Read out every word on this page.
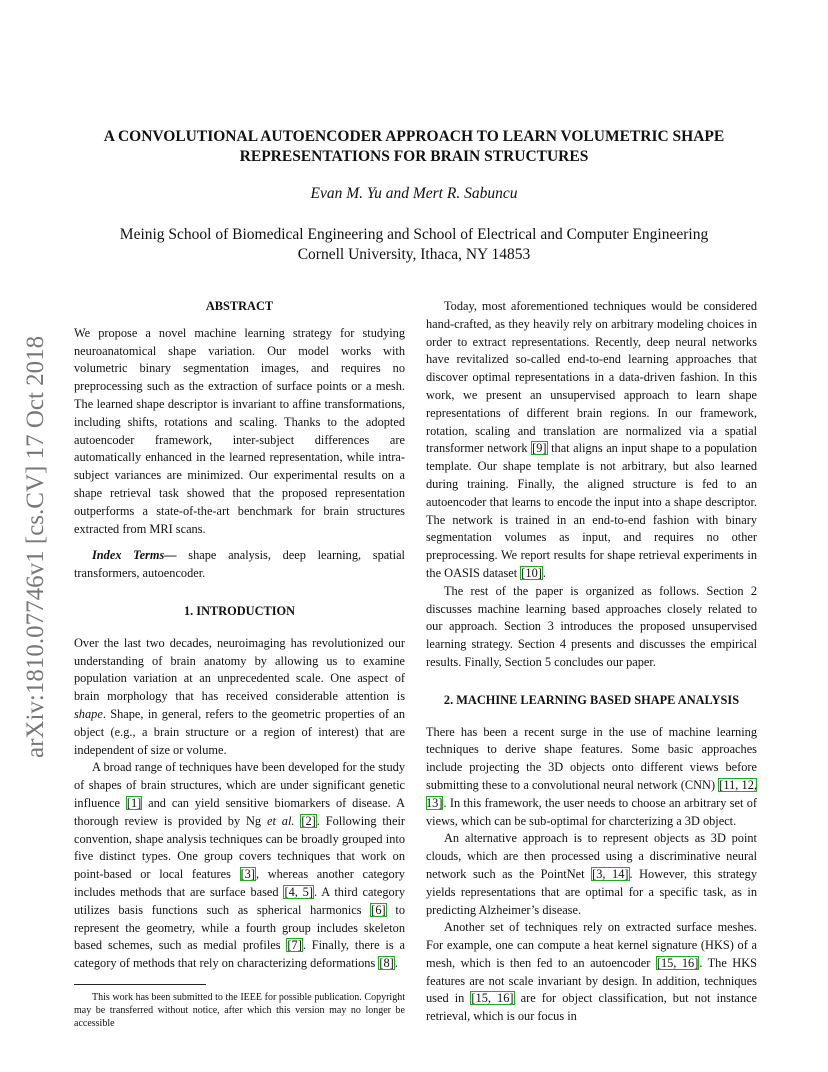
A CONVOLUTIONAL AUTOENCODER APPROACH TO LEARN VOLUMETRIC SHAPE
REPRESENTATIONS FOR BRAIN STRUCTURES
Evan M. Yu and Mert R. Sabuncu
Meinig School of Biomedical Engineering and School of Electrical and Computer Engineering
Cornell University, Ithaca, NY 14853
arXiv:1810.07746v1 [cs.CV] 17 Oct 2018
ABSTRACT

We propose a novel machine learning strategy for studying neuroanatomical shape variation. Our model works with volumetric binary segmentation images, and requires no preprocessing such as the extraction of surface points or a mesh. The learned shape descriptor is invariant to affine transformations, including shifts, rotations and scaling. Thanks to the adopted autoencoder framework, inter-subject differences are automatically enhanced in the learned representation, while intra-subject variances are minimized. Our experimental results on a shape retrieval task showed that the proposed representation outperforms a state-of-the-art benchmark for brain structures extracted from MRI scans.

Index Terms— shape analysis, deep learning, spatial transformers, autoencoder.

1. INTRODUCTION

Over the last two decades, neuroimaging has revolutionized our understanding of brain anatomy by allowing us to examine population variation at an unprecedented scale. One aspect of brain morphology that has received considerable attention is shape. Shape, in general, refers to the geometric properties of an object (e.g., a brain structure or a region of interest) that are independent of size or volume.

A broad range of techniques have been developed for the study of shapes of brain structures, which are under significant genetic influence [1] and can yield sensitive biomarkers of disease. A thorough review is provided by Ng et al. [2]. Following their convention, shape analysis techniques can be broadly grouped into five distinct types. One group covers techniques that work on point-based or local features [3], whereas another category includes methods that are surface based [4, 5]. A third category utilizes basis functions such as spherical harmonics [6] to represent the geometry, while a fourth group includes skeleton based schemes, such as medial profiles [7]. Finally, there is a category of methods that rely on characterizing deformations [8].

This work has been submitted to the IEEE for possible publication. Copyright may be transferred without notice, after which this version may no longer be accessible

Today, most aforementioned techniques would be considered hand-crafted, as they heavily rely on arbitrary modeling choices in order to extract representations. Recently, deep neural networks have revitalized so-called end-to-end learning approaches that discover optimal representations in a data-driven fashion. In this work, we present an unsupervised approach to learn shape representations of different brain regions. In our framework, rotation, scaling and translation are normalized via a spatial transformer network [9] that aligns an input shape to a population template. Our shape template is not arbitrary, but also learned during training. Finally, the aligned structure is fed to an autoencoder that learns to encode the input into a shape descriptor. The network is trained in an end-to-end fashion with binary segmentation volumes as input, and requires no other preprocessing. We report results for shape retrieval experiments in the OASIS dataset [10].

The rest of the paper is organized as follows. Section 2 discusses machine learning based approaches closely related to our approach. Section 3 introduces the proposed unsupervised learning strategy. Section 4 presents and discusses the empirical results. Finally, Section 5 concludes our paper.

2. MACHINE LEARNING BASED SHAPE ANALYSIS

There has been a recent surge in the use of machine learning techniques to derive shape features. Some basic approaches include projecting the 3D objects onto different views before submitting these to a convolutional neural network (CNN) [11, 12, 13]. In this framework, the user needs to choose an arbitrary set of views, which can be sub-optimal for charcterizing a 3D object.

An alternative approach is to represent objects as 3D point clouds, which are then processed using a discriminative neural network such as the PointNet [3, 14]. However, this strategy yields representations that are optimal for a specific task, as in predicting Alzheimer’s disease.

Another set of techniques rely on extracted surface meshes. For example, one can compute a heat kernel signature (HKS) of a mesh, which is then fed to an autoencoder [15, 16]. The HKS features are not scale invariant by design. In addition, techniques used in [15, 16] are for object classification, but not instance retrieval, which is our focus in
